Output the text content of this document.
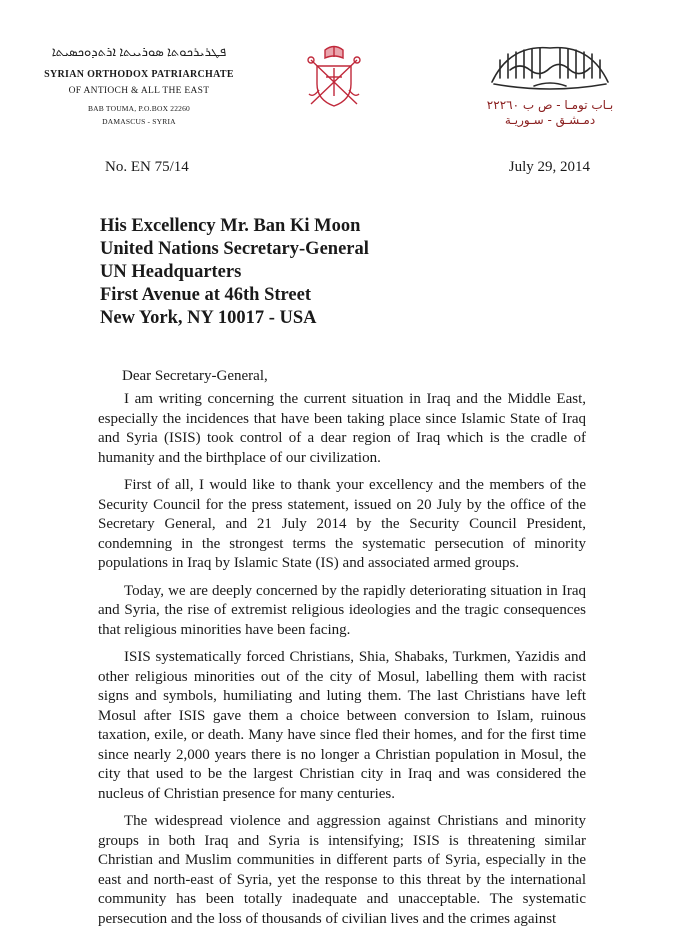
ܦܛܪܝܪܟܘܬܐ ܣܘܪܝܝܬܐ ܐܪܬܕܘܟܣܝܬܐ
SYRIAN ORTHODOX PATRIARCHATE
OF ANTIOCH & ALL THE EAST
BAB TOUMA, P.O.BOX 22260
DAMASCUS - SYRIA
بـاب تومـا - ص ب ٢٢٢٦٠
دمـشـق - سـوريـة
No. EN 75/14	July 29, 2014
His Excellency Mr. Ban Ki Moon
United Nations Secretary-General
UN Headquarters
First Avenue at 46th Street
New York, NY 10017 - USA
Dear Secretary-General,

I am writing concerning the current situation in Iraq and the Middle East, especially the incidences that have been taking place since Islamic State of Iraq and Syria (ISIS) took control of a dear region of Iraq which is the cradle of humanity and the birthplace of our civilization.

First of all, I would like to thank your excellency and the members of the Security Council for the press statement, issued on 20 July by the office of the Secretary General, and 21 July 2014 by the Security Council President, condemning in the strongest terms the systematic persecution of minority populations in Iraq by Islamic State (IS) and associated armed groups.

Today, we are deeply concerned by the rapidly deteriorating situation in Iraq and Syria, the rise of extremist religious ideologies and the tragic consequences that religious minorities have been facing.

ISIS systematically forced Christians, Shia, Shabaks, Turkmen, Yazidis and other religious minorities out of the city of Mosul, labelling them with racist signs and symbols, humiliating and luting them. The last Christians have left Mosul after ISIS gave them a choice between conversion to Islam, ruinous taxation, exile, or death. Many have since fled their homes, and for the first time since nearly 2,000 years there is no longer a Christian population in Mosul, the city that used to be the largest Christian city in Iraq and was considered the nucleus of Christian presence for many centuries.

The widespread violence and aggression against Christians and minority groups in both Iraq and Syria is intensifying; ISIS is threatening similar Christian and Muslim communities in different parts of Syria, especially in the east and north-east of Syria, yet the response to this threat by the international community has been totally inadequate and unacceptable. The systematic persecution and the loss of thousands of civilian lives and the crimes against
